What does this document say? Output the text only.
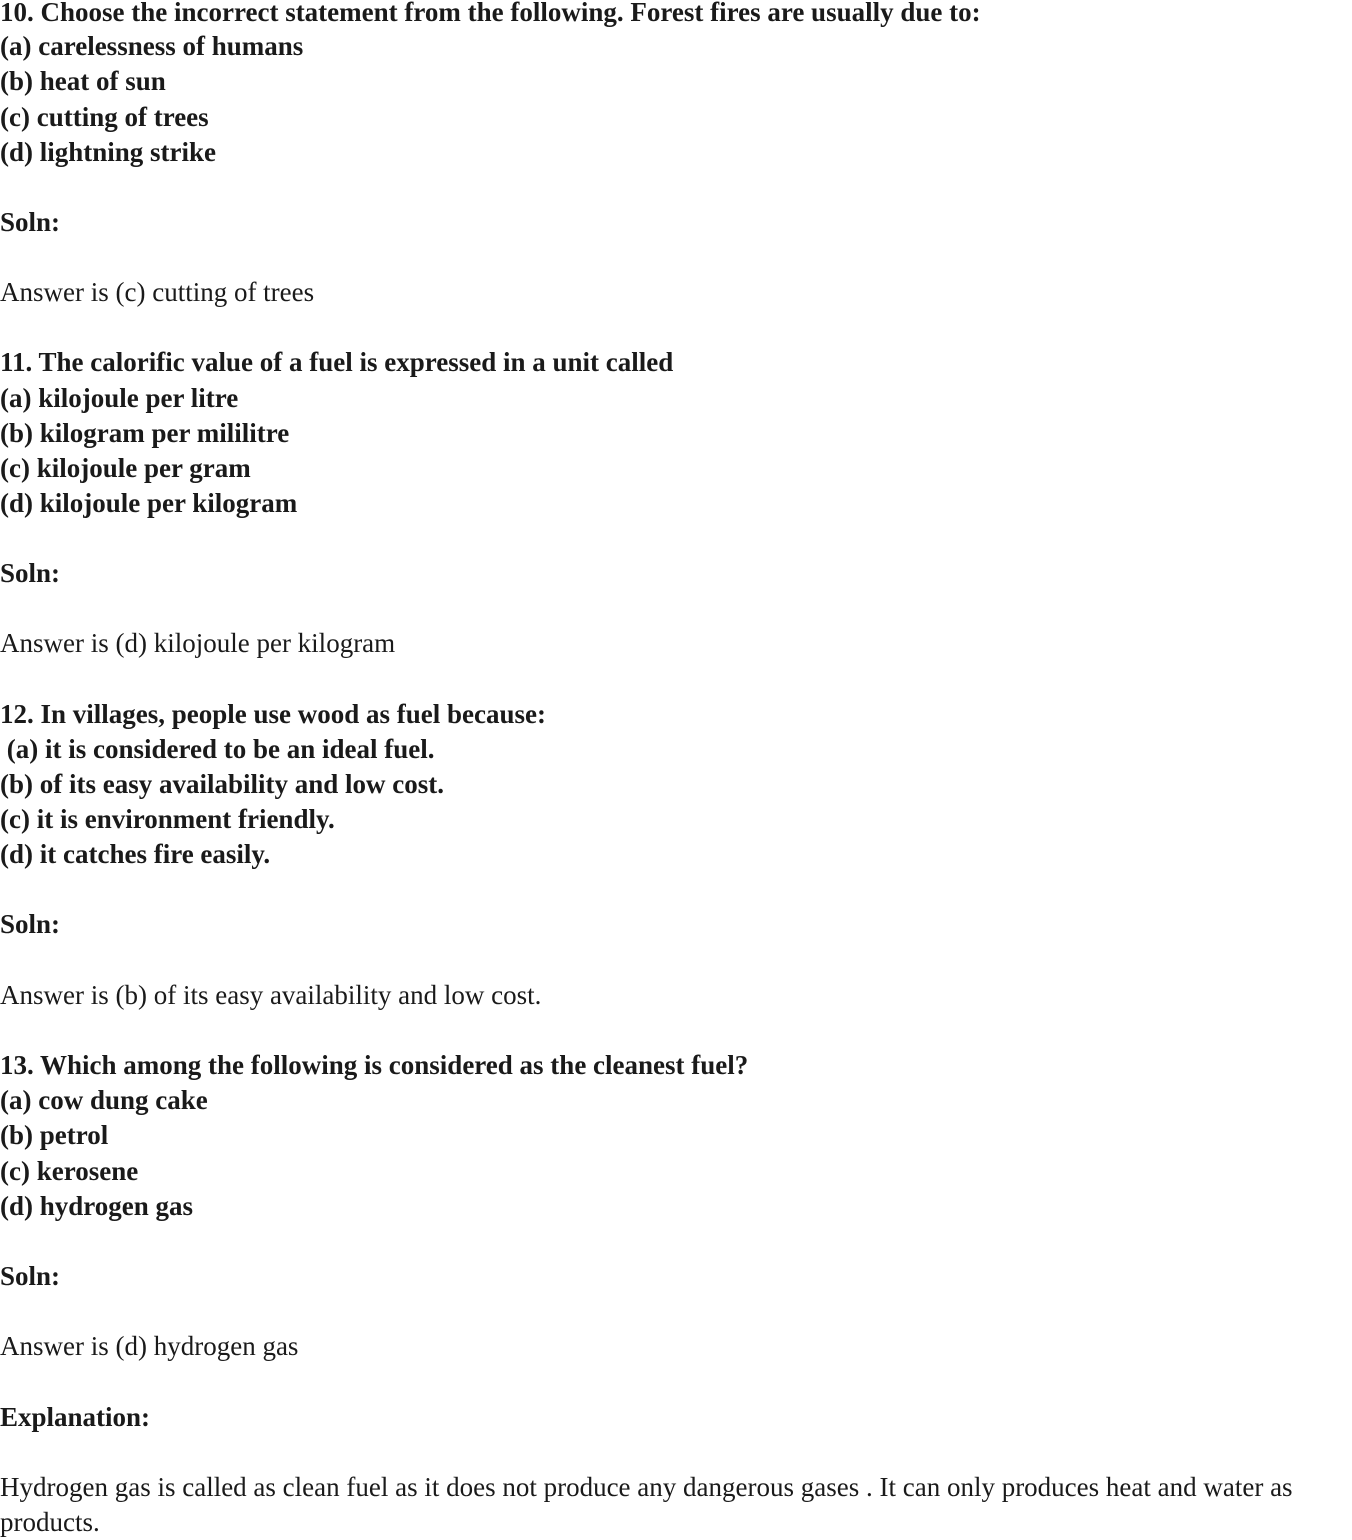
10. Choose the incorrect statement from the following. Forest fires are usually due to:
(a) carelessness of humans
(b) heat of sun
(c) cutting of trees
(d) lightning strike
Soln:
Answer is (c) cutting of trees
11. The calorific value of a fuel is expressed in a unit called
(a) kilojoule per litre
(b) kilogram per mililitre
(c) kilojoule per gram
(d) kilojoule per kilogram
Soln:
Answer is (d) kilojoule per kilogram
12. In villages, people use wood as fuel because:
(a) it is considered to be an ideal fuel.
(b) of its easy availability and low cost.
(c) it is environment friendly.
(d) it catches fire easily.
Soln:
Answer is (b) of its easy availability and low cost.
13. Which among the following is considered as the cleanest fuel?
(a) cow dung cake
(b) petrol
(c) kerosene
(d) hydrogen gas
Soln:
Answer is (d) hydrogen gas
Explanation:
Hydrogen gas is called as clean fuel as it does not produce any dangerous gases . It can only produces heat and water as products.
